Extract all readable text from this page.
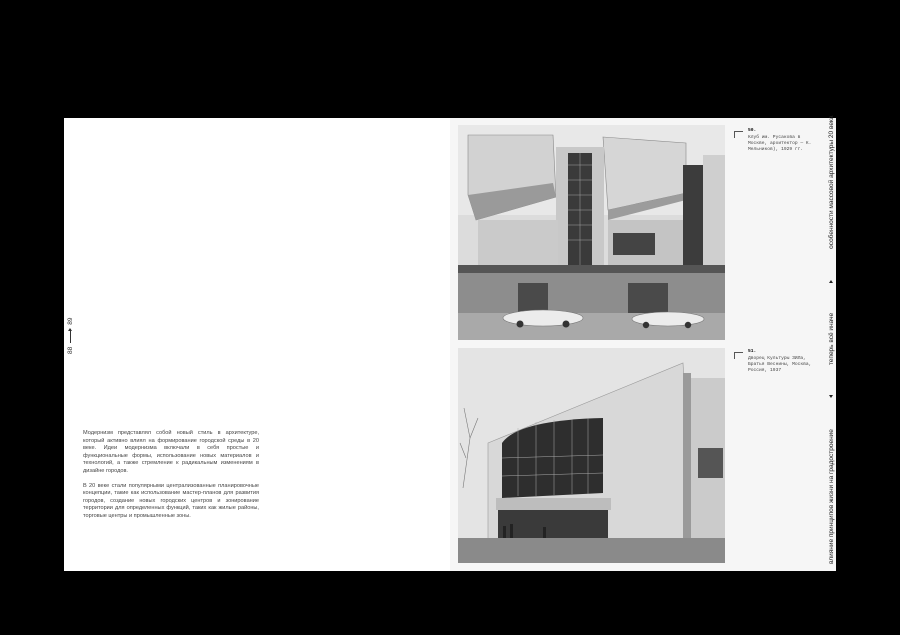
8889

Модернизм представлял собой новый стиль в архитектуре, который активно влиял на формирование городской среды в 20 веке. Идеи модернизма включали в себя простые и функциональные формы, использование новых материалов и технологий, а также стремление к радикальным изменениям в дизайне городов.

В 20 веке стали популярными централизованные планировочные концепции, такие как использование мастер-планов для развития городов, создание новых городских центров и зонирование территории для определенных функций, таких как жилые районы, торговые центры и промышленные зоны.

50.
Клуб им. Русакова в Москве, архитектор — К. Мельников), 1929 гг.
51.
Дворец Культуры ЗИЛа, Братья Веснины, Москва, Россия, 1937
влияние принципов жизни на градостроение
теперь всё иначе
особенности массовой архитектуры 20 века
